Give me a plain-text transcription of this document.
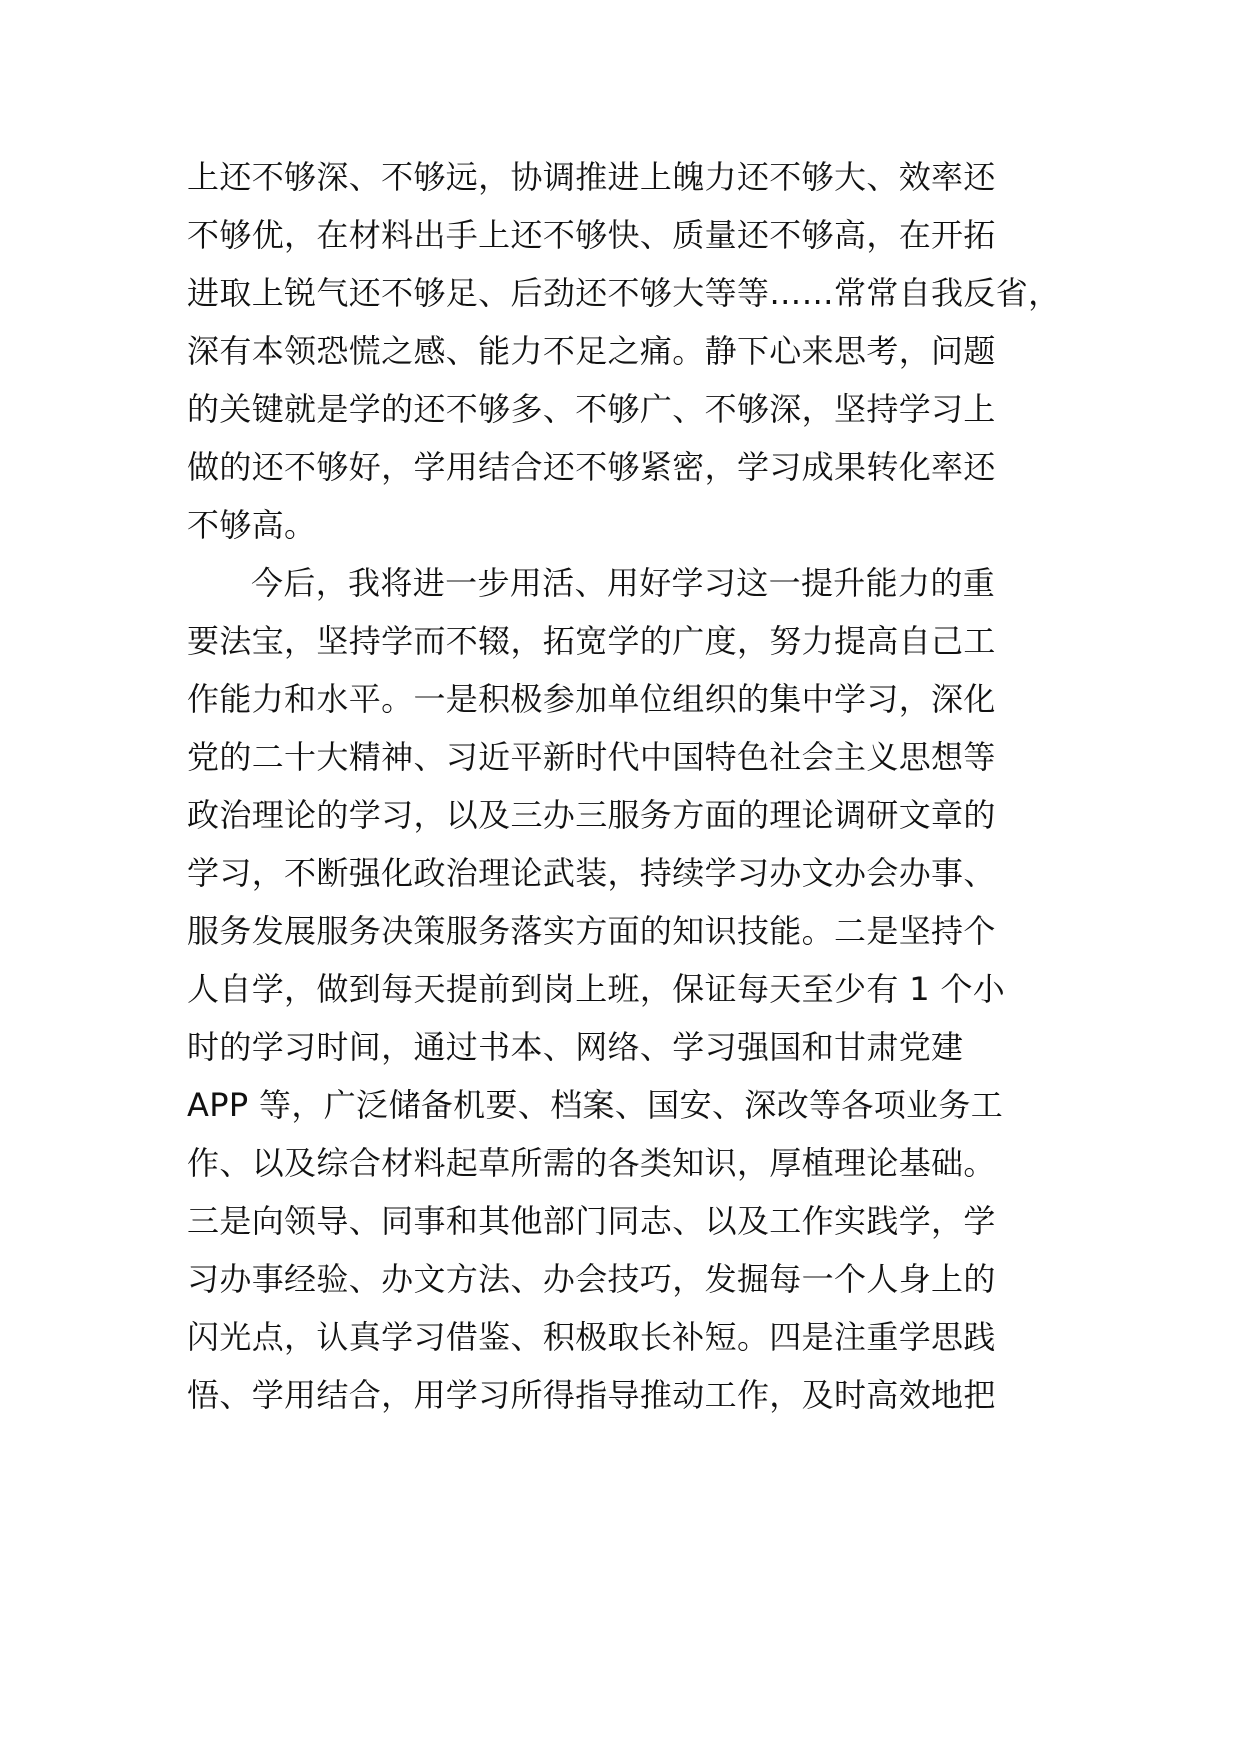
上还不够深、不够远，协调推进上魄力还不够大、效率还
不够优，在材料出手上还不够快、质量还不够高，在开拓
进取上锐气还不够足、后劲还不够大等等……常常自我反省，
深有本领恐慌之感、能力不足之痛。静下心来思考，问题
的关键就是学的还不够多、不够广、不够深，坚持学习上
做的还不够好，学用结合还不够紧密，学习成果转化率还
不够高。
今后，我将进一步用活、用好学习这一提升能力的重
要法宝，坚持学而不辍，拓宽学的广度，努力提高自己工
作能力和水平。一是积极参加单位组织的集中学习，深化
党的二十大精神、习近平新时代中国特色社会主义思想等
政治理论的学习，以及三办三服务方面的理论调研文章的
学习，不断强化政治理论武装，持续学习办文办会办事、
服务发展服务决策服务落实方面的知识技能。二是坚持个
人自学，做到每天提前到岗上班，保证每天至少有 1 个小
时的学习时间，通过书本、网络、学习强国和甘肃党建
APP 等，广泛储备机要、档案、国安、深改等各项业务工
作、以及综合材料起草所需的各类知识，厚植理论基础。
三是向领导、同事和其他部门同志、以及工作实践学，学
习办事经验、办文方法、办会技巧，发掘每一个人身上的
闪光点，认真学习借鉴、积极取长补短。四是注重学思践
悟、学用结合，用学习所得指导推动工作，及时高效地把
